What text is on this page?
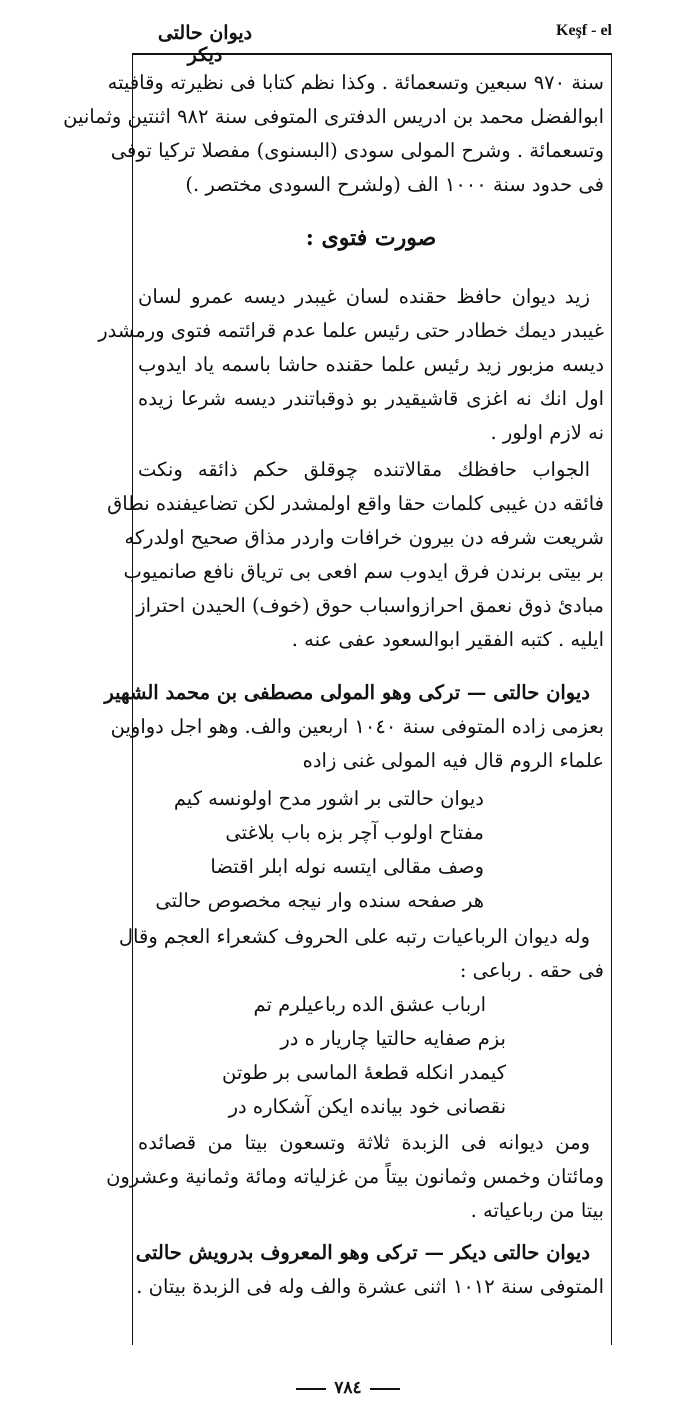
ديوان حالتى ديكر
Keşf - el
سنة ٩٧٠ سبعين وتسعمائة . وكذا نظم كتابا فى نظيرته وقافيته
ابوالفضل محمد بن ادريس الدفترى المتوفى سنة ٩٨٢ اثنتين وثمانين
وتسعمائة . وشرح المولى سودى (البسنوى) مفصلا تركيا توفى
فى حدود سنة ١٠٠٠ الف (ولشرح السودى مختصر .)
صورت فتوى :
زيد ديوان حافظ حقنده لسان غيبدر ديسه عمرو لسان
غيبدر ديمك خطادر حتى رئيس علما عدم قرائتمه فتوى ورمشدر
ديسه مزبور زيد رئيس علما حقنده حاشا باسمه ياد ايدوب
اول انك نه اغزى قاشيقيدر بو ذوقباتندر ديسه شرعا زيده
نه لازم اولور .
الجواب حافظك مقالاتنده چوقلق حكم ذائقه ونكت
فائقه دن غيبى كلمات حقا واقع اولمشدر لكن تضاعيفنده نطاق
شريعت شرفه دن بيرون خرافات واردر مذاق صحيح اولدركه
بر بيتى برندن فرق ايدوب سم افعى بى ترياق نافع صانميوب
مبادئ ذوق نعمق احرازواسباب حوق (خوف) الحيدن احتراز
ايليه . كتبه الفقير ابوالسعود عفى عنه .
ديوان حالتى — تركى وهو المولى مصطفى بن محمد الشهير
بعزمى زاده المتوفى سنة ١٠٤٠ اربعين والف. وهو اجل دواوين
علماء الروم قال فيه المولى غنى زاده
ديوان حالتى بر اشور مدح اولونسه كيم
مفتاح اولوب آچر بزه باب بلاغتى
وصف مقالى ايتسه نوله ابلر اقتضا
هر صفحه سنده وار نيجه مخصوص حالتى
وله ديوان الرباعيات رتبه على الحروف كشعراء العجم وقال
فى حقه . رباعى :
ارباب عشق الده رباعيلرم تم
بزم صفايه حالتيا چاريار ه در
كيمدر انكله قطعهٔ الماسى بر طوتن
نقصانى خود بيانده ايكن آشكاره در
ومن ديوانه فى الزبدة ثلاثة وتسعون بيتا من قصائده
ومائتان وخمس وثمانون بيتاً من غزلياته ومائة وثمانية وعشرون
بيتا من رباعياته .
ديوان حالتى ديكر — تركى وهو المعروف بدرويش حالتى
المتوفى سنة ١٠١٢ اثنى عشرة والف وله فى الزبدة بيتان .
٧٨٤
